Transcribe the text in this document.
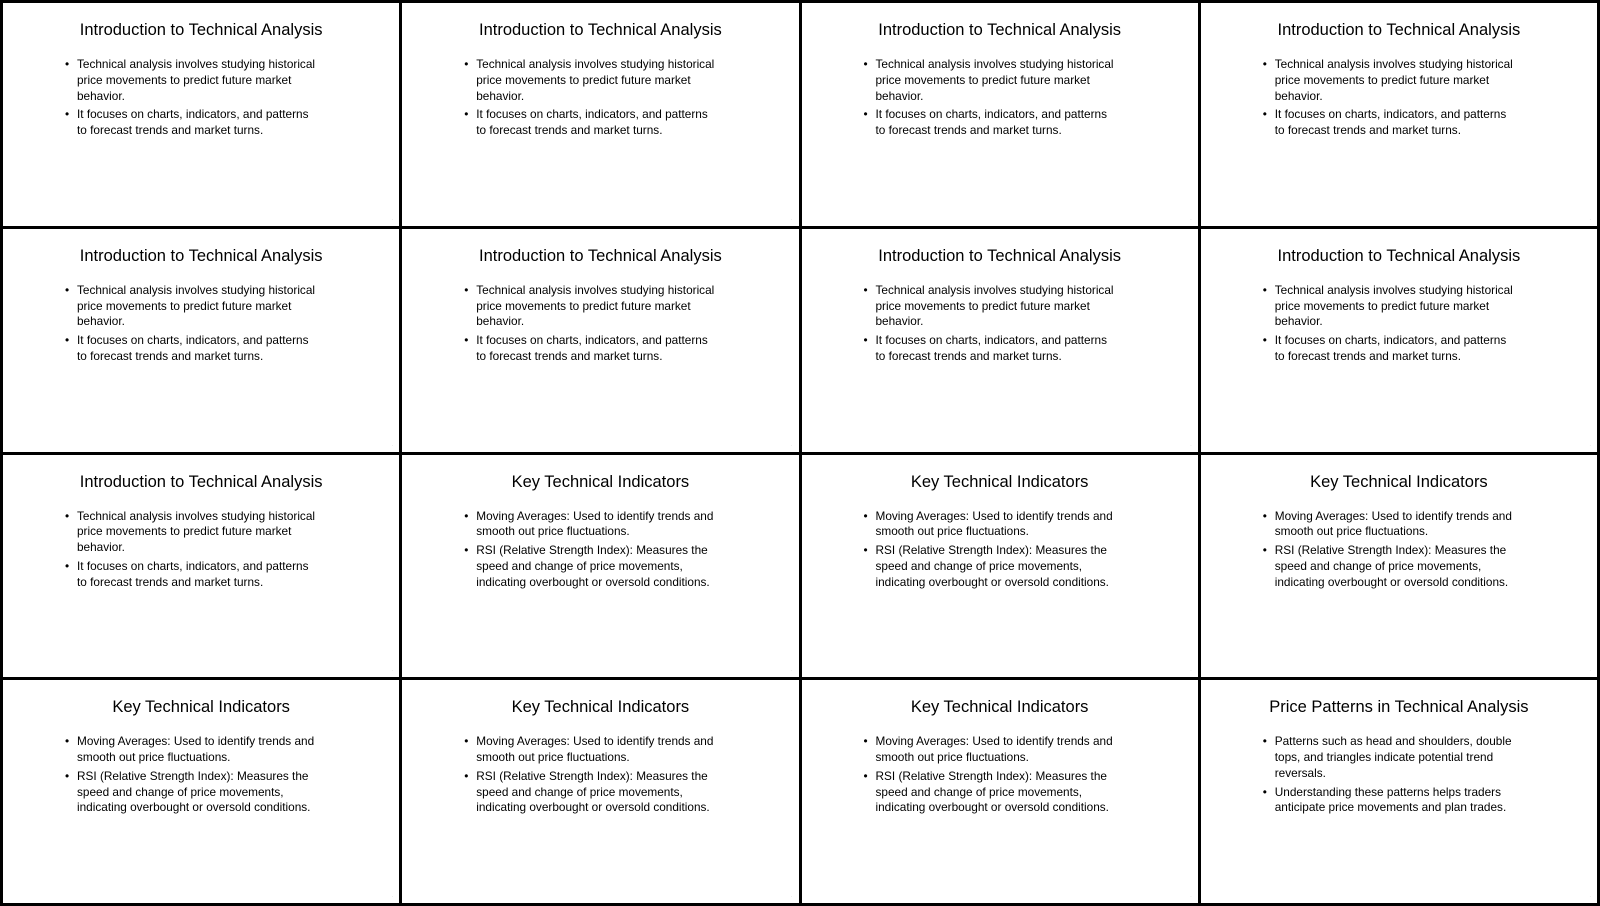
Introduction to Technical Analysis
• Technical analysis involves studying historical price movements to predict future market behavior.
• It focuses on charts, indicators, and patterns to forecast trends and market turns.
·
Introduction to Technical Analysis
• Technical analysis involves studying historical price movements to predict future market behavior.
• It focuses on charts, indicators, and patterns to forecast trends and market turns.
·
Introduction to Technical Analysis
• Technical analysis involves studying historical price movements to predict future market behavior.
• It focuses on charts, indicators, and patterns to forecast trends and market turns.
·
Introduction to Technical Analysis
• Technical analysis involves studying historical price movements to predict future market behavior.
• It focuses on charts, indicators, and patterns to forecast trends and market turns.
·
Introduction to Technical Analysis
• Technical analysis involves studying historical price movements to predict future market behavior.
• It focuses on charts, indicators, and patterns to forecast trends and market turns.
·
Introduction to Technical Analysis
• Technical analysis involves studying historical price movements to predict future market behavior.
• It focuses on charts, indicators, and patterns to forecast trends and market turns.
·
Introduction to Technical Analysis
• Technical analysis involves studying historical price movements to predict future market behavior.
• It focuses on charts, indicators, and patterns to forecast trends and market turns.
·
Introduction to Technical Analysis
• Technical analysis involves studying historical price movements to predict future market behavior.
• It focuses on charts, indicators, and patterns to forecast trends and market turns.
·
Introduction to Technical Analysis
• Technical analysis involves studying historical price movements to predict future market behavior.
• It focuses on charts, indicators, and patterns to forecast trends and market turns.
·
Key Technical Indicators
• Moving Averages: Used to identify trends and smooth out price fluctuations.
• RSI (Relative Strength Index): Measures the speed and change of price movements, indicating overbought or oversold conditions.
·
Key Technical Indicators
• Moving Averages: Used to identify trends and smooth out price fluctuations.
• RSI (Relative Strength Index): Measures the speed and change of price movements, indicating overbought or oversold conditions.
·
Key Technical Indicators
• Moving Averages: Used to identify trends and smooth out price fluctuations.
• RSI (Relative Strength Index): Measures the speed and change of price movements, indicating overbought or oversold conditions.
·
Key Technical Indicators
• Moving Averages: Used to identify trends and smooth out price fluctuations.
• RSI (Relative Strength Index): Measures the speed and change of price movements, indicating overbought or oversold conditions.
·
Key Technical Indicators
• Moving Averages: Used to identify trends and smooth out price fluctuations.
• RSI (Relative Strength Index): Measures the speed and change of price movements, indicating overbought or oversold conditions.
·
Key Technical Indicators
• Moving Averages: Used to identify trends and smooth out price fluctuations.
• RSI (Relative Strength Index): Measures the speed and change of price movements, indicating overbought or oversold conditions.
·
Price Patterns in Technical Analysis
• Patterns such as head and shoulders, double tops, and triangles indicate potential trend reversals.
• Understanding these patterns helps traders anticipate price movements and plan trades.
·
